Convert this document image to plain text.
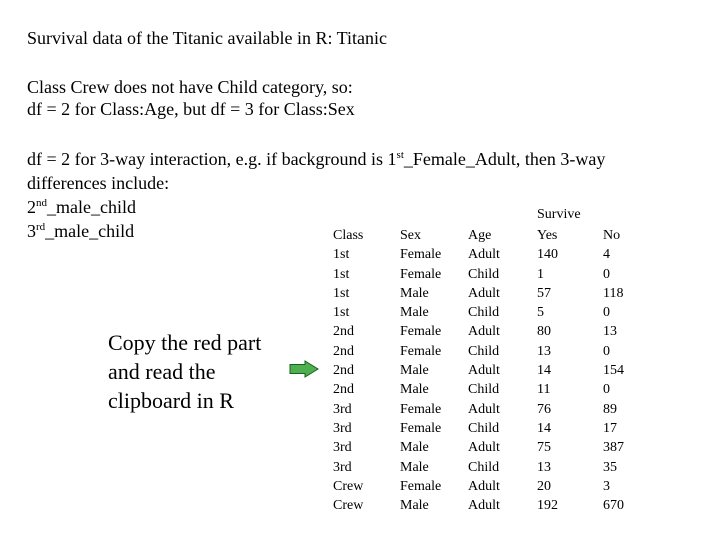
Survival data of the Titanic available in R: Titanic
Class Crew does not have Child category, so:
df = 2 for Class:Age, but df = 3 for Class:Sex
df = 2 for 3-way interaction, e.g. if background is 1st_Female_Adult, then 3-way
differences include:
2nd_male_child
3rd_male_child
Copy the red part
and read the
clipboard in R
Survive
Class
1st
1st
1st
1st
2nd
2nd
2nd
2nd
3rd
3rd
3rd
3rd
Crew
Crew
Sex
Female
Female
Male
Male
Female
Female
Male
Male
Female
Female
Male
Male
Female
Male
Age
Adult
Child
Adult
Child
Adult
Child
Adult
Child
Adult
Child
Adult
Child
Adult
Adult
Yes
140
1
57
5
80
13
14
11
76
14
75
13
20
192
No
4
0
118
0
13
0
154
0
89
17
387
35
3
670
